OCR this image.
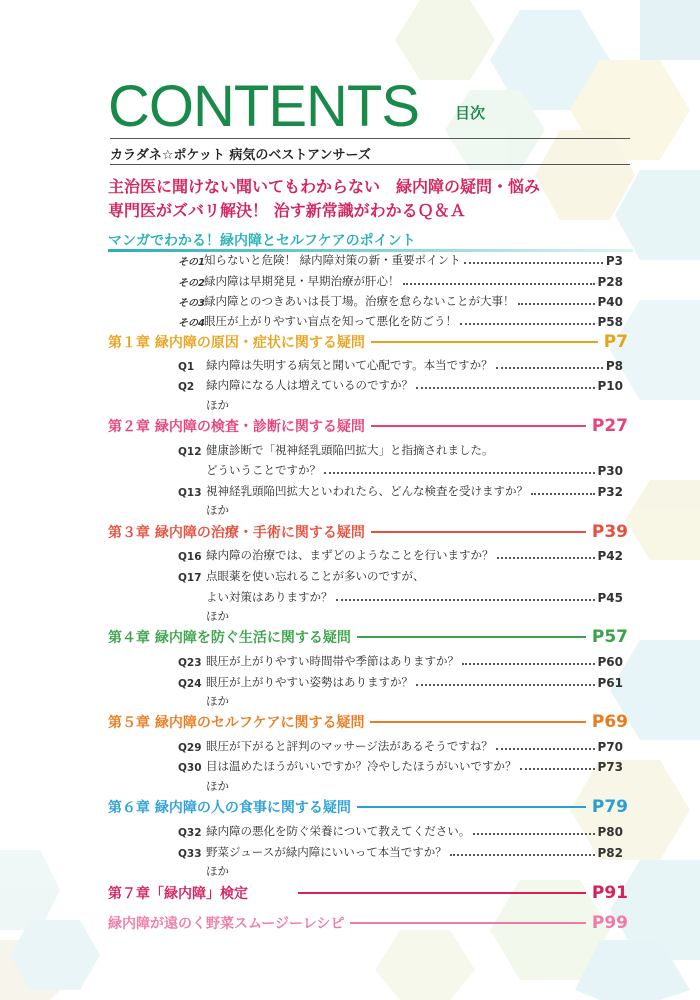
CONTENTS 目次
カラダネ☆ポケット 病気のベストアンサーズ
主治医に聞けない聞いてもわからない　緑内障の疑問・悩み
専門医がズバリ解決！ 治す新常識がわかるＱ＆Ａ
マンガでわかる！緑内障とセルフケアのポイント
その1 知らないと危険！ 緑内障対策の新・重要ポイント	P3
その2 緑内障は早期発見・早期治療が肝心！	P28
その3 緑内障とのつきあいは長丁場。治療を怠らないことが大事！	P40
その4 眼圧が上がりやすい盲点を知って悪化を防ごう！	P58
第１章 緑内障の原因・症状に関する疑問	P7
Q1	緑内障は失明する病気と聞いて心配です。本当ですか？	P8
Q2	緑内障になる人は増えているのですか？	P10
ほか
第２章 緑内障の検査・診断に関する疑問	P27
Q12 健康診断で「視神経乳頭陥凹拡大」と指摘されました。
どういうことですか？	P30
Q13 視神経乳頭陥凹拡大といわれたら、どんな検査を受けますか？	P32
ほか
第３章 緑内障の治療・手術に関する疑問	P39
Q16 緑内障の治療では、まずどのようなことを行いますか？	P42
Q17 点眼薬を使い忘れることが多いのですが、
よい対策はありますか？	P45
ほか
第４章 緑内障を防ぐ生活に関する疑問	P57
Q23 眼圧が上がりやすい時間帯や季節はありますか？	P60
Q24 眼圧が上がりやすい姿勢はありますか？	P61
ほか
第５章 緑内障のセルフケアに関する疑問	P69
Q29 眼圧が下がると評判のマッサージ法があるそうですね？	P70
Q30 目は温めたほうがいいですか？冷やしたほうがいいですか？	P73
ほか
第６章 緑内障の人の食事に関する疑問	P79
Q32 緑内障の悪化を防ぐ栄養について教えてください。	P80
Q33 野菜ジュースが緑内障にいいって本当ですか？	P82
ほか
第７章「緑内障」検定	P91
緑内障が遠のく野菜スムージーレシピ	P99
